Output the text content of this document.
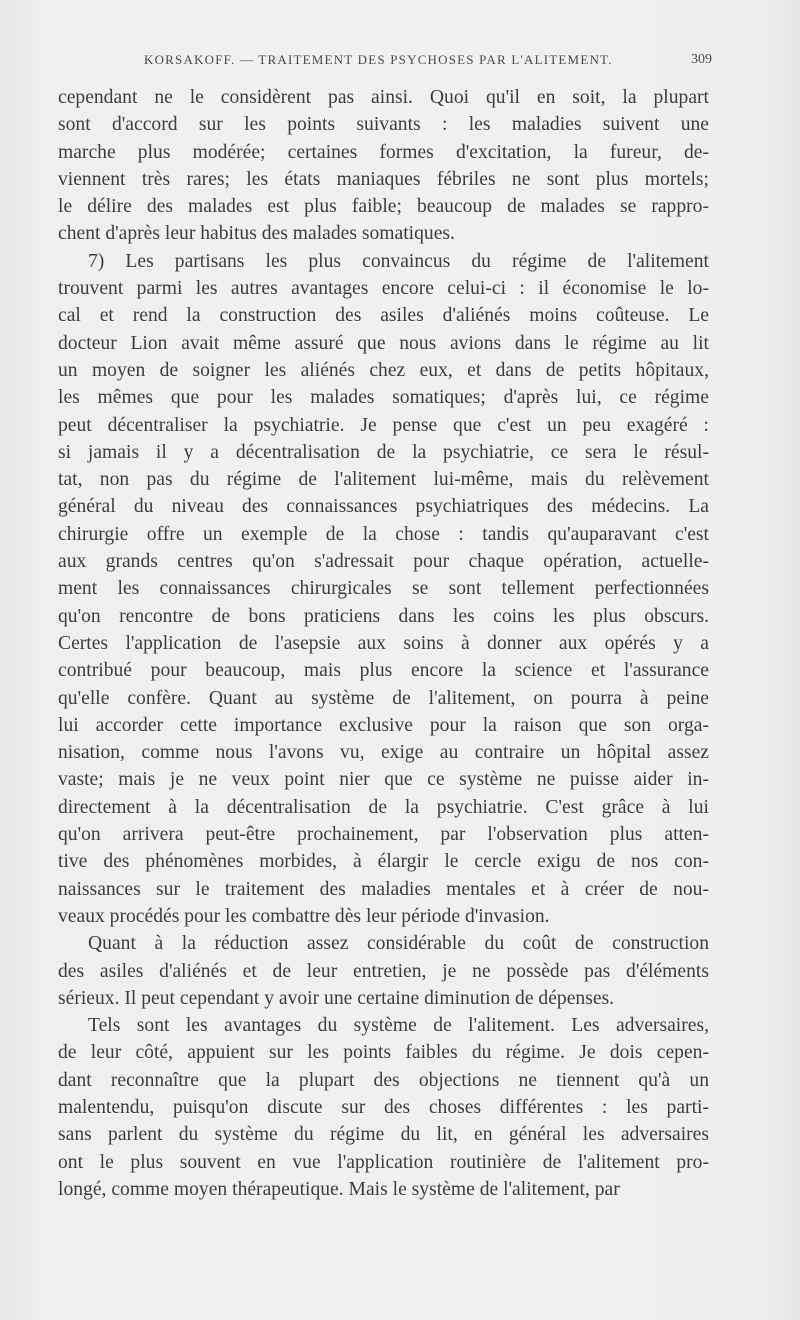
KORSAKOFF. — TRAITEMENT DES PSYCHOSES PAR L'ALITEMENT.	309

cependant ne le considèrent pas ainsi. Quoi qu'il en soit, la plupart
sont d'accord sur les points suivants : les maladies suivent une
marche plus modérée; certaines formes d'excitation, la fureur, de-
viennent très rares; les états maniaques fébriles ne sont plus mortels;
le délire des malades est plus faible; beaucoup de malades se rappro-
chent d'après leur habitus des malades somatiques.

7) Les partisans les plus convaincus du régime de l'alitement
trouvent parmi les autres avantages encore celui-ci : il économise le lo-
cal et rend la construction des asiles d'aliénés moins coûteuse. Le
docteur Lion avait même assuré que nous avions dans le régime au lit
un moyen de soigner les aliénés chez eux, et dans de petits hôpitaux,
les mêmes que pour les malades somatiques; d'après lui, ce régime
peut décentraliser la psychiatrie. Je pense que c'est un peu exagéré :
si jamais il y a décentralisation de la psychiatrie, ce sera le résul-
tat, non pas du régime de l'alitement lui-même, mais du relèvement
général du niveau des connaissances psychiatriques des médecins. La
chirurgie offre un exemple de la chose : tandis qu'auparavant c'est
aux grands centres qu'on s'adressait pour chaque opération, actuelle-
ment les connaissances chirurgicales se sont tellement perfectionnées
qu'on rencontre de bons praticiens dans les coins les plus obscurs.
Certes l'application de l'asepsie aux soins à donner aux opérés y a
contribué pour beaucoup, mais plus encore la science et l'assurance
qu'elle confère. Quant au système de l'alitement, on pourra à peine
lui accorder cette importance exclusive pour la raison que son orga-
nisation, comme nous l'avons vu, exige au contraire un hôpital assez
vaste; mais je ne veux point nier que ce système ne puisse aider in-
directement à la décentralisation de la psychiatrie. C'est grâce à lui
qu'on arrivera peut-être prochainement, par l'observation plus atten-
tive des phénomènes morbides, à élargir le cercle exigu de nos con-
naissances sur le traitement des maladies mentales et à créer de nou-
veaux procédés pour les combattre dès leur période d'invasion.

Quant à la réduction assez considérable du coût de construction
des asiles d'aliénés et de leur entretien, je ne possède pas d'éléments
sérieux. Il peut cependant y avoir une certaine diminution de dépenses.

Tels sont les avantages du système de l'alitement. Les adversaires,
de leur côté, appuient sur les points faibles du régime. Je dois cepen-
dant reconnaître que la plupart des objections ne tiennent qu'à un
malentendu, puisqu'on discute sur des choses différentes : les parti-
sans parlent du système du régime du lit, en général les adversaires
ont le plus souvent en vue l'application routinière de l'alitement pro-
longé, comme moyen thérapeutique. Mais le système de l'alitement, par
